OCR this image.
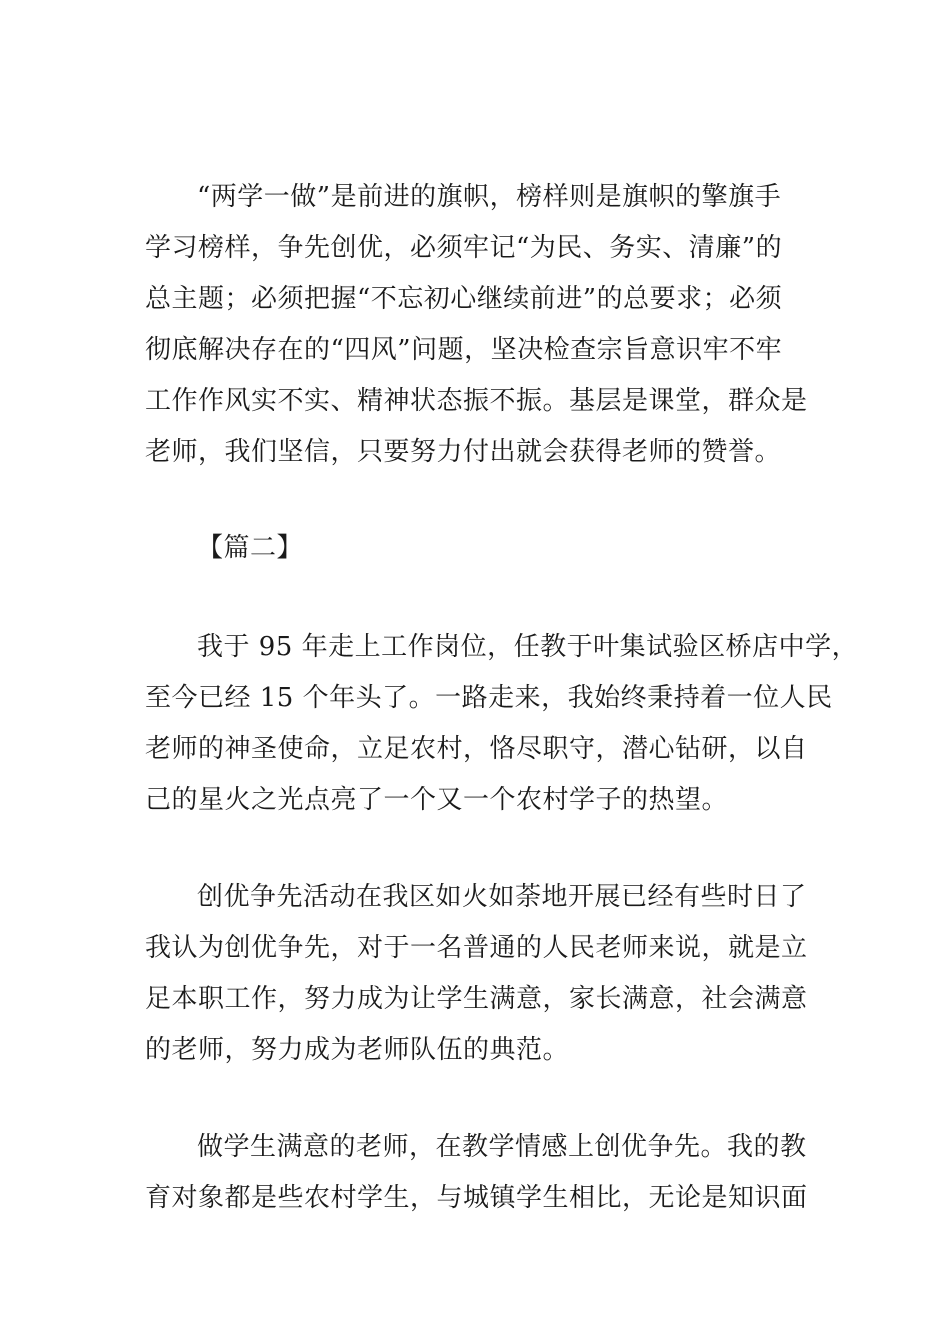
“两学一做”是前进的旗帜，榜样则是旗帜的擎旗手
学习榜样，争先创优，必须牢记“为民、务实、清廉”的
总主题；必须把握“不忘初心继续前进”的总要求；必须
彻底解决存在的“四风”问题，坚决检查宗旨意识牢不牢
工作作风实不实、精神状态振不振。基层是课堂，群众是
老师，我们坚信，只要努力付出就会获得老师的赞誉。
【篇二】
我于 95 年走上工作岗位，任教于叶集试验区桥店中学，
至今已经 15 个年头了。一路走来，我始终秉持着一位人民
老师的神圣使命，立足农村，恪尽职守，潜心钻研，以自
己的星火之光点亮了一个又一个农村学子的热望。
创优争先活动在我区如火如荼地开展已经有些时日了
我认为创优争先，对于一名普通的人民老师来说，就是立
足本职工作，努力成为让学生满意，家长满意，社会满意
的老师，努力成为老师队伍的典范。
做学生满意的老师，在教学情感上创优争先。我的教
育对象都是些农村学生，与城镇学生相比，无论是知识面
